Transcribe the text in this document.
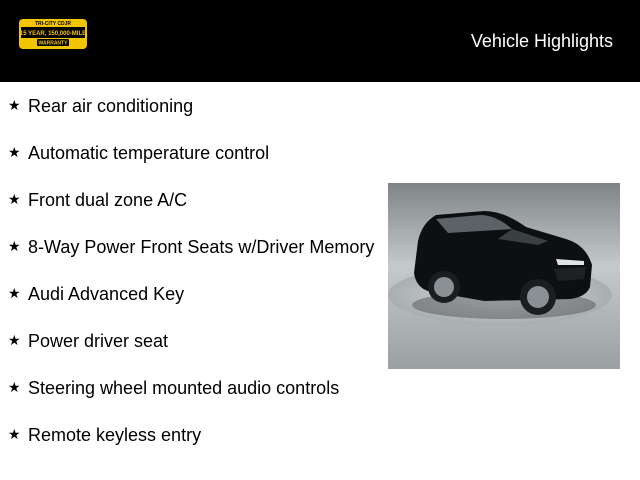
TRI-CITY CDJR
15 YEAR, 150,000-MILE
WARRANTY	Vehicle Highlights
★ Rear air conditioning
★ Automatic temperature control
★ Front dual zone A/C
★ 8-Way Power Front Seats w/Driver Memory
★ Audi Advanced Key
★ Power driver seat
★ Steering wheel mounted audio controls
★ Remote keyless entry
